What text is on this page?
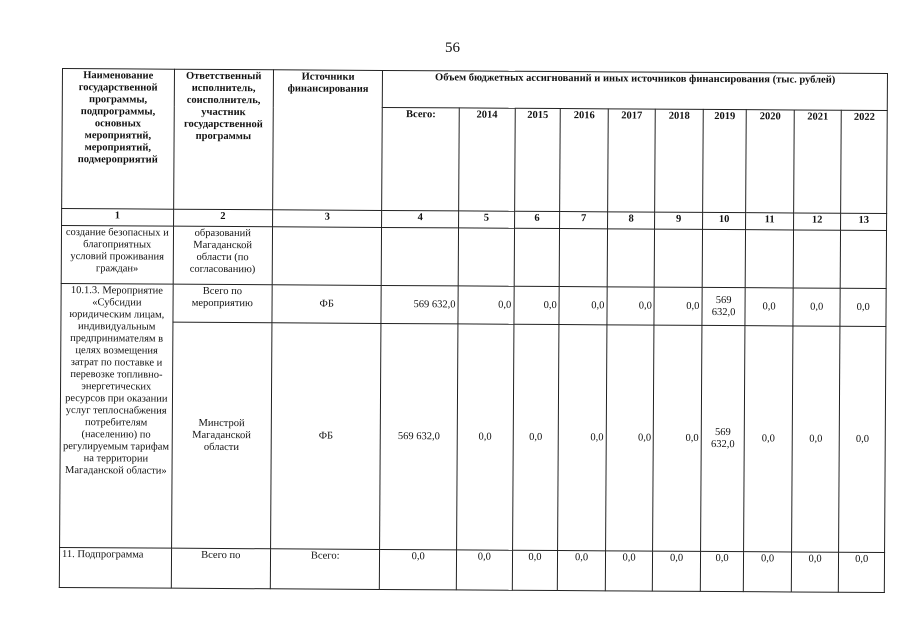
56
Наименование государственной программы, подпрограммы, основных мероприятий, мероприятий, подмероприятий	Ответственный исполнитель, соисполнитель, участник государственной программы	Источники финансирования	Объем бюджетных ассигнований и иных источников финансирования (тыс. рублей)									
			Всего:	2014	2015	2016	2017	2018	2019	2020	2021	2022
1	2	3	4	5	6	7	8	9	10	11	12	13
создание безопасных и благоприятных условий проживания граждан»	образований Магаданской области (по согласованию)											
10.1.3. Мероприятие «Субсидии юридическим лицам, индивидуальным предпринимателям в целях возмещения затрат по поставке и перевозке топливно-энергетических ресурсов при оказании услуг теплоснабжения потребителям (населению) по регулируемым тарифам на территории Магаданской области»	Всего по мероприятию	ФБ	569 632,0	0,0	0,0	0,0	0,0	0,0	569 632,0	0,0	0,0	0,0
	Минстрой Магаданской области	ФБ	569 632,0	0,0	0,0	0,0	0,0	0,0	569 632,0	0,0	0,0	0,0
11. Подпрограмма	Всего по	Всего:	0,0	0,0	0,0	0,0	0,0	0,0	0,0	0,0	0,0	0,0
